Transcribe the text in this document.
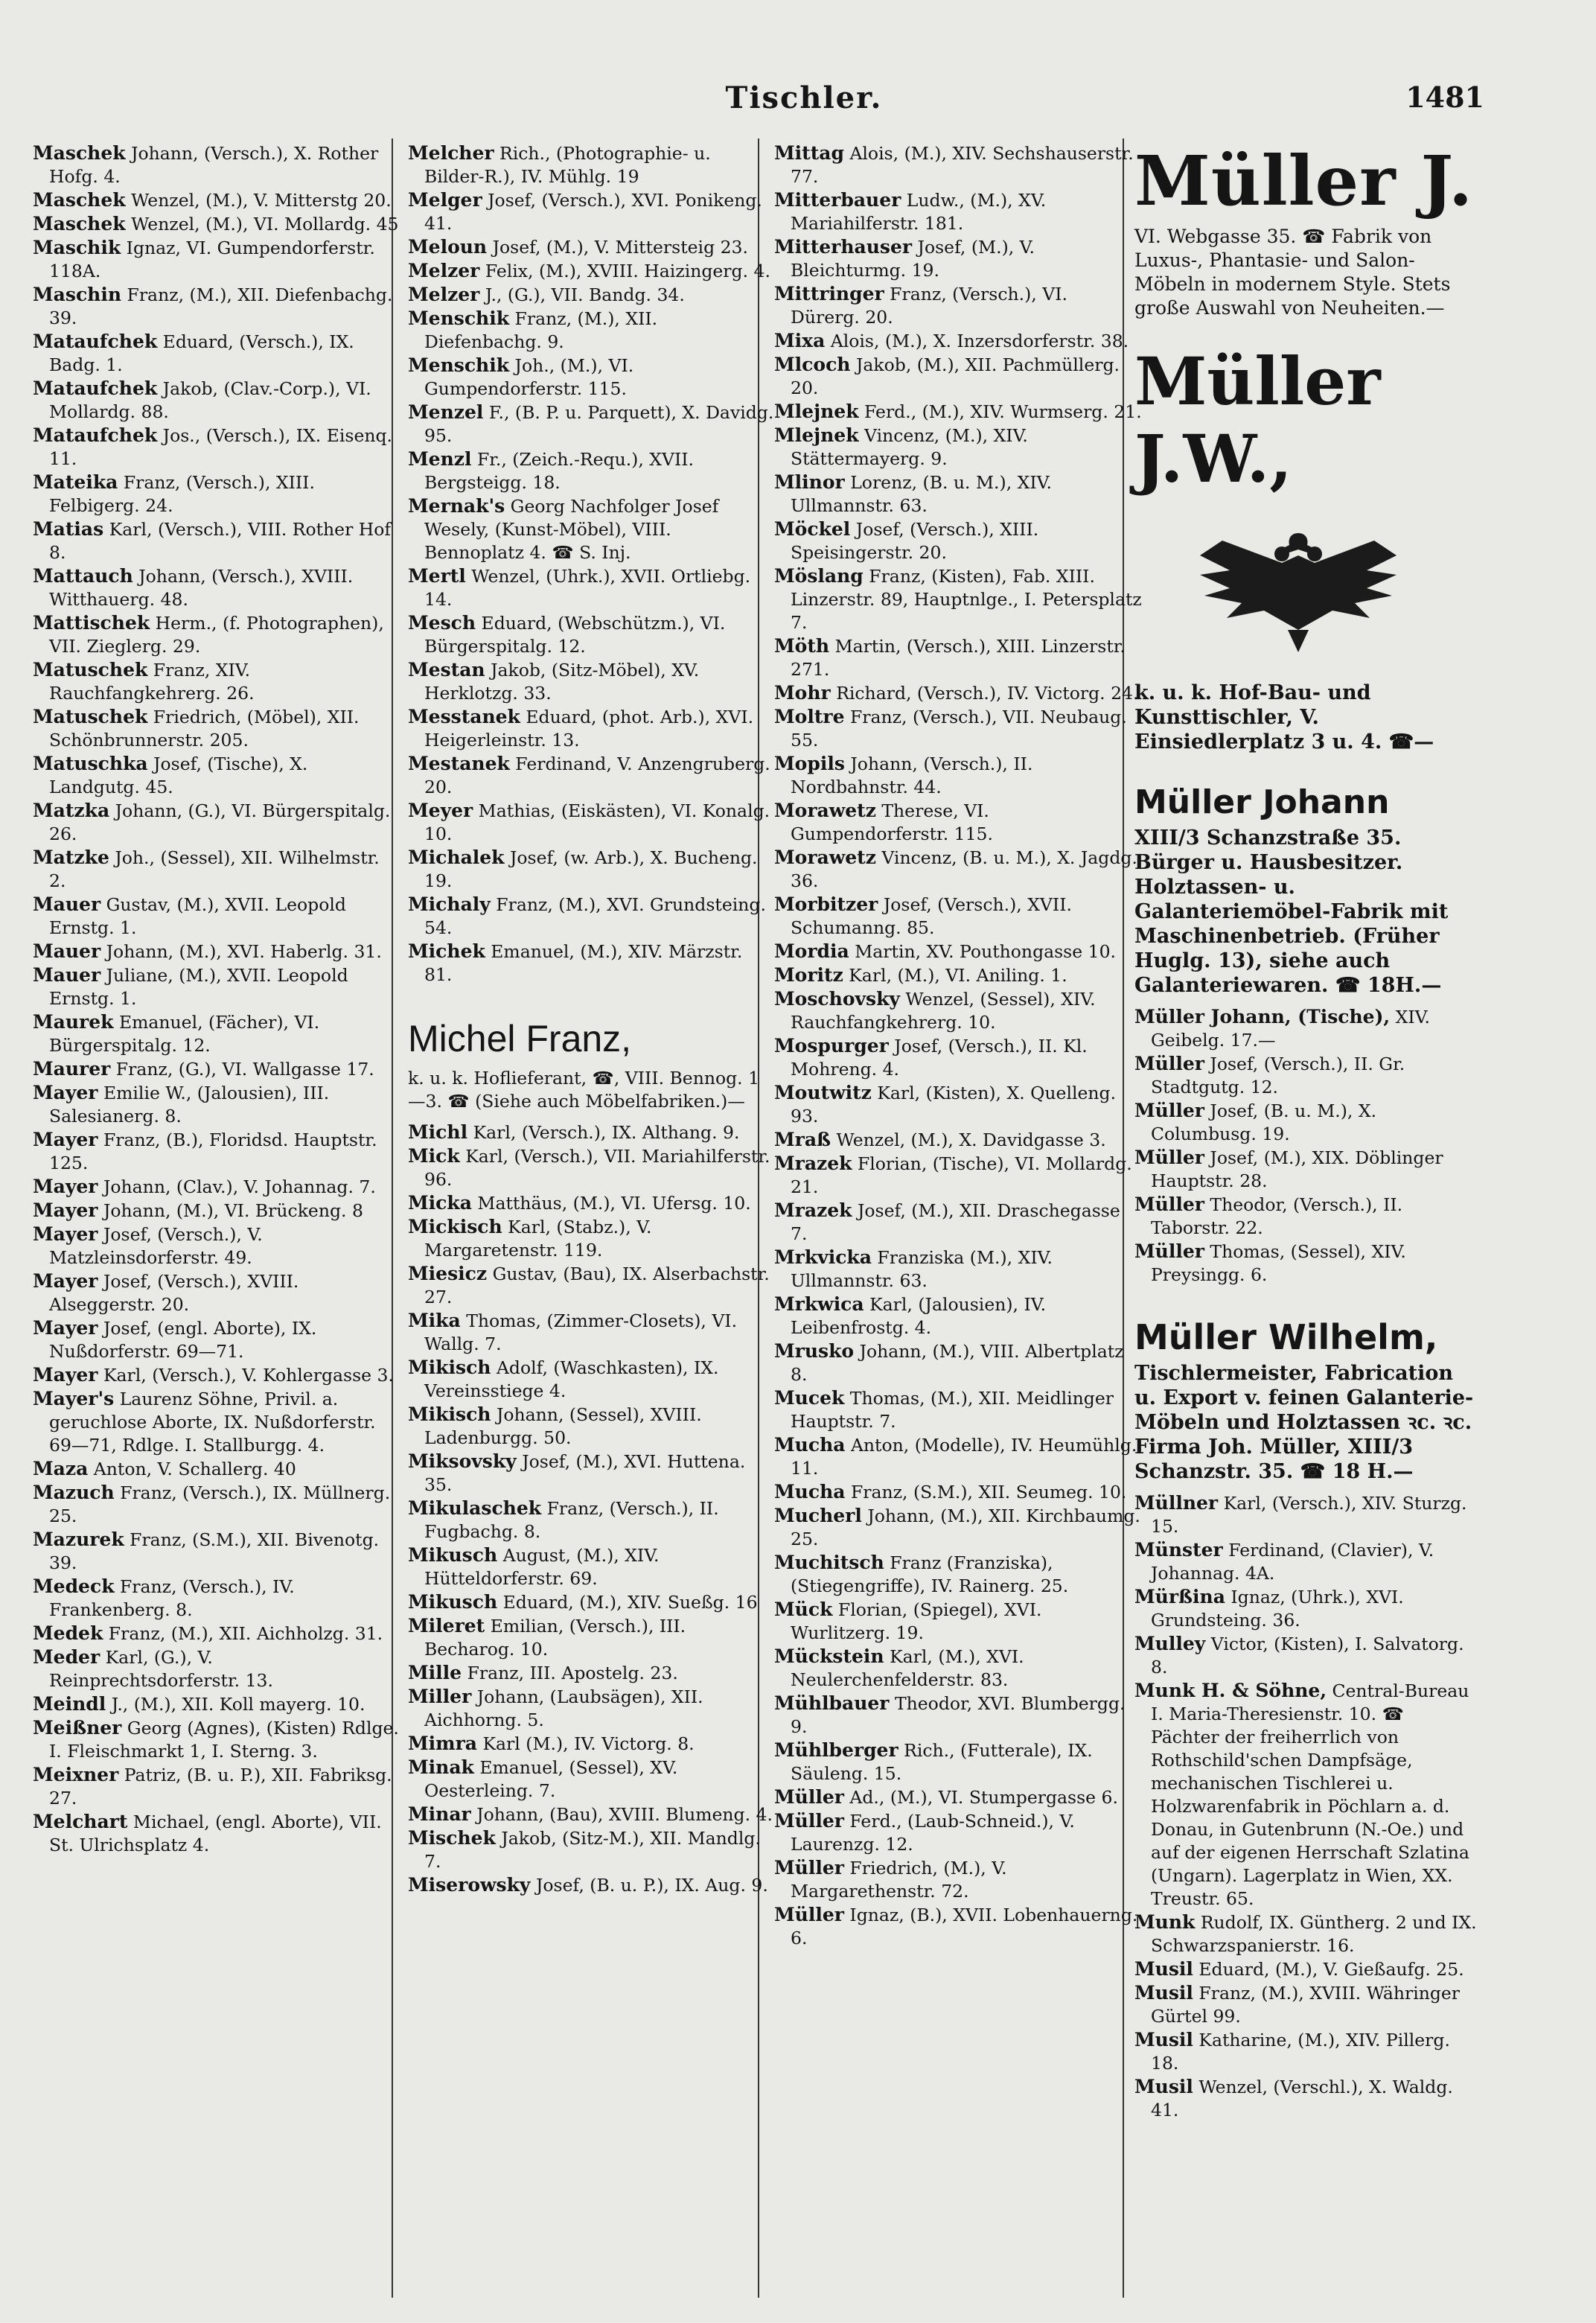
Tischler.	1481

Maschek Johann, (Versch.), X. Rother Hofg. 4.

Maschek Wenzel, (M.), V. Mitterstg 20.

Maschek Wenzel, (M.), VI. Mollardg. 45

Maschik Ignaz, VI. Gumpendorferstr. 118A.

Maschin Franz, (M.), XII. Diefenbachg. 39.

Mataufchek Eduard, (Versch.), IX. Badg. 1.

Mataufchek Jakob, (Clav.-Corp.), VI. Mollardg. 88.

Mataufchek Jos., (Versch.), IX. Eisenq. 11.

Mateika Franz, (Versch.), XIII. Felbigerg. 24.

Matias Karl, (Versch.), VIII. Rother Hof 8.

Mattauch Johann, (Versch.), XVIII. Witthauerg. 48.

Mattischek Herm., (f. Photographen), VII. Zieglerg. 29.

Matuschek Franz, XIV. Rauchfangkehrerg. 26.

Matuschek Friedrich, (Möbel), XII. Schönbrunnerstr. 205.

Matuschka Josef, (Tische), X. Landgutg. 45.

Matzka Johann, (G.), VI. Bürgerspitalg. 26.

Matzke Joh., (Sessel), XII. Wilhelmstr. 2.

Mauer Gustav, (M.), XVII. Leopold Ernstg. 1.

Mauer Johann, (M.), XVI. Haberlg. 31.

Mauer Juliane, (M.), XVII. Leopold Ernstg. 1.

Maurek Emanuel, (Fächer), VI. Bürgerspitalg. 12.

Maurer Franz, (G.), VI. Wallgasse 17.

Mayer Emilie W., (Jalousien), III. Salesianerg. 8.

Mayer Franz, (B.), Floridsd. Hauptstr. 125.

Mayer Johann, (Clav.), V. Johannag. 7.

Mayer Johann, (M.), VI. Brückeng. 8

Mayer Josef, (Versch.), V. Matzleinsdorferstr. 49.

Mayer Josef, (Versch.), XVIII. Alseggerstr. 20.

Mayer Josef, (engl. Aborte), IX. Nußdorferstr. 69—71.

Mayer Karl, (Versch.), V. Kohlergasse 3.

Mayer's Laurenz Söhne, Privil. a. geruchlose Aborte, IX. Nußdorferstr. 69—71, Rdlge. I. Stallburgg. 4.

Maza Anton, V. Schallerg. 40

Mazuch Franz, (Versch.), IX. Müllnerg. 25.

Mazurek Franz, (S.M.), XII. Bivenotg. 39.

Medeck Franz, (Versch.), IV. Frankenberg. 8.

Medek Franz, (M.), XII. Aichholzg. 31.

Meder Karl, (G.), V. Reinprechtsdorferstr. 13.

Meindl J., (M.), XII. Koll mayerg. 10.

Meißner Georg (Agnes), (Kisten) Rdlge. I. Fleischmarkt 1, I. Sterng. 3.

Meixner Patriz, (B. u. P.), XII. Fabriksg. 27.

Melchart Michael, (engl. Aborte), VII. St. Ulrichsplatz 4.

Melcher Rich., (Photographie- u. Bilder-R.), IV. Mühlg. 19

Melger Josef, (Versch.), XVI. Ponikeng. 41.

Meloun Josef, (M.), V. Mittersteig 23.

Melzer Felix, (M.), XVIII. Haizingerg. 4.

Melzer J., (G.), VII. Bandg. 34.

Menschik Franz, (M.), XII. Diefenbachg. 9.

Menschik Joh., (M.), VI. Gumpendorferstr. 115.

Menzel F., (B. P. u. Parquett), X. Davidg. 95.

Menzl Fr., (Zeich.-Requ.), XVII. Bergsteigg. 18.

Mernak's Georg Nachfolger Josef Wesely, (Kunst-Möbel), VIII. Bennoplatz 4. ☎ S. Inj.

Mertl Wenzel, (Uhrk.), XVII. Ortliebg. 14.

Mesch Eduard, (Webschützm.), VI. Bürgerspitalg. 12.

Mestan Jakob, (Sitz-Möbel), XV. Herklotzg. 33.

Messtanek Eduard, (phot. Arb.), XVI. Heigerleinstr. 13.

Mestanek Ferdinand, V. Anzengruberg. 20.

Meyer Mathias, (Eiskästen), VI. Konalg. 10.

Michalek Josef, (w. Arb.), X. Bucheng. 19.

Michaly Franz, (M.), XVI. Grundsteing. 54.

Michek Emanuel, (M.), XIV. Märzstr. 81.

Michel Franz,

k. u. k. Hoflieferant, ☎, VIII. Bennog. 1—3. ☎ (Siehe auch Möbelfabriken.)—

Michl Karl, (Versch.), IX. Althang. 9.

Mick Karl, (Versch.), VII. Mariahilferstr. 96.

Micka Matthäus, (M.), VI. Ufersg. 10.

Mickisch Karl, (Stabz.), V. Margaretenstr. 119.

Miesicz Gustav, (Bau), IX. Alserbachstr. 27.

Mika Thomas, (Zimmer-Closets), VI. Wallg. 7.

Mikisch Adolf, (Waschkasten), IX. Vereinsstiege 4.

Mikisch Johann, (Sessel), XVIII. Ladenburgg. 50.

Miksovsky Josef, (M.), XVI. Huttena. 35.

Mikulaschek Franz, (Versch.), II. Fugbachg. 8.

Mikusch August, (M.), XIV. Hütteldorferstr. 69.

Mikusch Eduard, (M.), XIV. Sueßg. 16

Mileret Emilian, (Versch.), III. Becharog. 10.

Mille Franz, III. Apostelg. 23.

Miller Johann, (Laubsägen), XII. Aichhorng. 5.

Mimra Karl (M.), IV. Victorg. 8.

Minak Emanuel, (Sessel), XV. Oesterleing. 7.

Minar Johann, (Bau), XVIII. Blumeng. 4.

Mischek Jakob, (Sitz-M.), XII. Mandlg. 7.

Miserowsky Josef, (B. u. P.), IX. Aug. 9.

Mittag Alois, (M.), XIV. Sechshauserstr. 77.

Mitterbauer Ludw., (M.), XV. Mariahilferstr. 181.

Mitterhauser Josef, (M.), V. Bleichturmg. 19.

Mittringer Franz, (Versch.), VI. Dürerg. 20.

Mixa Alois, (M.), X. Inzersdorferstr. 38.

Mlcoch Jakob, (M.), XII. Pachmüllerg. 20.

Mlejnek Ferd., (M.), XIV. Wurmserg. 21.

Mlejnek Vincenz, (M.), XIV. Stättermayerg. 9.

Mlinor Lorenz, (B. u. M.), XIV. Ullmannstr. 63.

Möckel Josef, (Versch.), XIII. Speisingerstr. 20.

Möslang Franz, (Kisten), Fab. XIII. Linzerstr. 89, Hauptnlge., I. Petersplatz 7.

Möth Martin, (Versch.), XIII. Linzerstr. 271.

Mohr Richard, (Versch.), IV. Victorg. 24.

Moltre Franz, (Versch.), VII. Neubaug. 55.

Mopils Johann, (Versch.), II. Nordbahnstr. 44.

Morawetz Therese, VI. Gumpendorferstr. 115.

Morawetz Vincenz, (B. u. M.), X. Jagdg. 36.

Morbitzer Josef, (Versch.), XVII. Schumanng. 85.

Mordia Martin, XV. Pouthongasse 10.

Moritz Karl, (M.), VI. Aniling. 1.

Moschovsky Wenzel, (Sessel), XIV. Rauchfangkehrerg. 10.

Mospurger Josef, (Versch.), II. Kl. Mohreng. 4.

Moutwitz Karl, (Kisten), X. Quelleng. 93.

Mraß Wenzel, (M.), X. Davidgasse 3.

Mrazek Florian, (Tische), VI. Mollardg. 21.

Mrazek Josef, (M.), XII. Draschegasse 7.

Mrkvicka Franziska (M.), XIV. Ullmannstr. 63.

Mrkwica Karl, (Jalousien), IV. Leibenfrostg. 4.

Mrusko Johann, (M.), VIII. Albertplatz 8.

Mucek Thomas, (M.), XII. Meidlinger Hauptstr. 7.

Mucha Anton, (Modelle), IV. Heumühlg. 11.

Mucha Franz, (S.M.), XII. Seumeg. 10.

Mucherl Johann, (M.), XII. Kirchbaumg. 25.

Muchitsch Franz (Franziska), (Stiegengriffe), IV. Rainerg. 25.

Mück Florian, (Spiegel), XVI. Wurlitzerg. 19.

Mückstein Karl, (M.), XVI. Neulerchenfelderstr. 83.

Mühlbauer Theodor, XVI. Blumbergg. 9.

Mühlberger Rich., (Futterale), IX. Säuleng. 15.

Müller Ad., (M.), VI. Stumpergasse 6.

Müller Ferd., (Laub-Schneid.), V. Laurenzg. 12.

Müller Friedrich, (M.), V. Margarethenstr. 72.

Müller Ignaz, (B.), XVII. Lobenhauerng. 6.

Müller J.

VI. Webgasse 35. ☎ Fabrik von Luxus-, Phantasie- und Salon-Möbeln in modernem Style. Stets große Auswahl von Neuheiten.—

Müller J.W.,

k. u. k. Hof-Bau- und Kunsttischler, V. Einsiedlerplatz 3 u. 4. ☎—

Müller Johann

XIII/3 Schanzstraße 35. Bürger u. Hausbesitzer. Holztassen- u. Galanteriemöbel-Fabrik mit Maschinenbetrieb. (Früher Huglg. 13), siehe auch Galanteriewaren. ☎ 18H.—

Müller Johann, (Tische), XIV. Geibelg. 17.—

Müller Josef, (Versch.), II. Gr. Stadtgutg. 12.

Müller Josef, (B. u. M.), X. Columbusg. 19.

Müller Josef, (M.), XIX. Döblinger Hauptstr. 28.

Müller Theodor, (Versch.), II. Taborstr. 22.

Müller Thomas, (Sessel), XIV. Preysingg. 6.

Müller Wilhelm,

Tischlermeister, Fabrication u. Export v. feinen Galanterie-Möbeln und Holztassen ꝛc. ꝛc. Firma Joh. Müller, XIII/3 Schanzstr. 35. ☎ 18 H.—

Müllner Karl, (Versch.), XIV. Sturzg. 15.

Münster Ferdinand, (Clavier), V. Johannag. 4A.

Mürßina Ignaz, (Uhrk.), XVI. Grundsteing. 36.

Mulley Victor, (Kisten), I. Salvatorg. 8.

Munk H. & Söhne, Central-Bureau I. Maria-Theresienstr. 10. ☎ Pächter der freiherrlich von Rothschild'schen Dampfsäge, mechanischen Tischlerei u. Holzwarenfabrik in Pöchlarn a. d. Donau, in Gutenbrunn (N.-Oe.) und auf der eigenen Herrschaft Szlatina (Ungarn). Lagerplatz in Wien, XX. Treustr. 65.

Munk Rudolf, IX. Güntherg. 2 und IX. Schwarzspanierstr. 16.

Musil Eduard, (M.), V. Gießaufg. 25.

Musil Franz, (M.), XVIII. Währinger Gürtel 99.

Musil Katharine, (M.), XIV. Pillerg. 18.

Musil Wenzel, (Verschl.), X. Waldg. 41.
